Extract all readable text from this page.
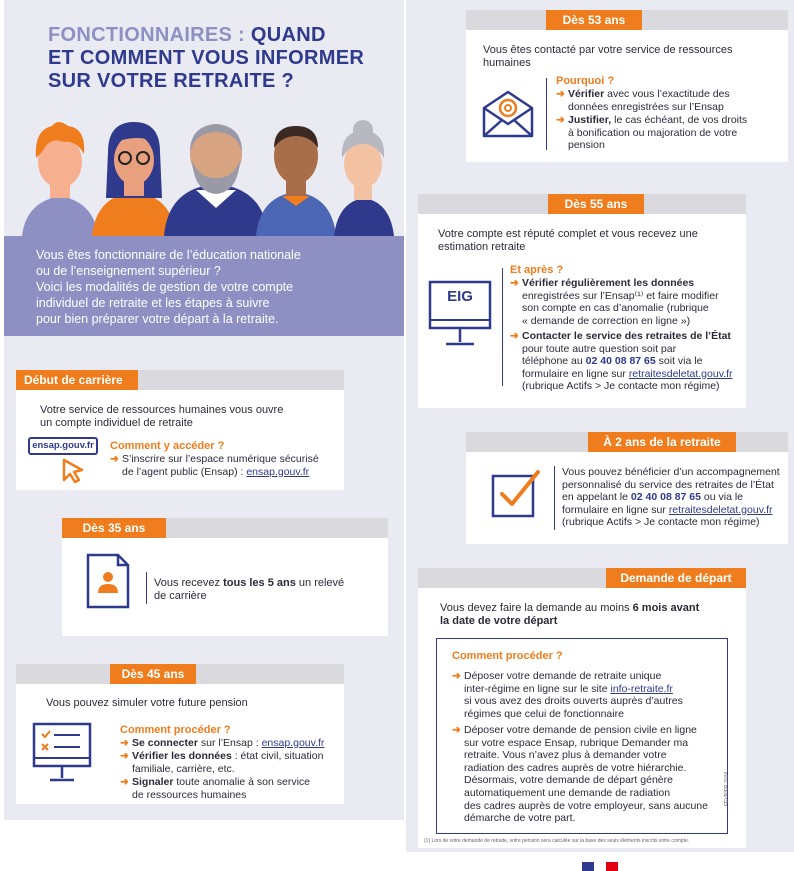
FONCTIONNAIRES : QUAND
ET COMMENT VOUS INFORMER
SUR VOTRE RETRAITE ?
Vous êtes fonctionnaire de l’éducation nationale
ou de l’enseignement supérieur ?
Voici les modalités de gestion de votre compte
individuel de retraite et les étapes à suivre
pour bien préparer votre départ à la retraite.
Début de carrière
Votre service de ressources humaines vous ouvre
un compte individuel de retraite
ensap.gouv.fr	Comment y accéder ?
➜ S’inscrire sur l’espace numérique sécurisé
de l’agent public (Ensap) : ensap.gouv.fr
Dès 35 ans
Vous recevez tous les 5 ans un relevé
de carrière
Dès 45 ans
Vous pouvez simuler votre future pension
Comment procéder ?
➜ Se connecter sur l’Ensap : ensap.gouv.fr
➜ Vérifier les données : état civil, situation
familiale, carrière, etc.
➜ Signaler toute anomalie à son service
de ressources humaines
Dès 53 ans
Vous êtes contacté par votre service de ressources
humaines
Pourquoi ?
➜ Vérifier avec vous l’exactitude des
données enregistrées sur l’Ensap
➜ Justifier, le cas échéant, de vos droits
à bonification ou majoration de votre
pension
Dès 55 ans
Votre compte est réputé complet et vous recevez une
estimation retraite
EIG
Et après ?
➜ Vérifier régulièrement les données
enregistrées sur l’Ensap⁽¹⁾ et faire modifier
son compte en cas d’anomalie (rubrique
« demande de correction en ligne »)
➜ Contacter le service des retraites de l’État
pour toute autre question soit par
téléphone au 02 40 08 87 65 soit via le
formulaire en ligne sur retraitesdeletat.gouv.fr
(rubrique Actifs > Je contacte mon régime)
À 2 ans de la retraite
Vous pouvez bénéficier d’un accompagnement
personnalisé du service des retraites de l’État
en appelant le 02 40 08 87 65 ou via le
formulaire en ligne sur retraitesdeletat.gouv.fr
(rubrique Actifs > Je contacte mon régime)
Demande de départ
Vous devez faire la demande au moins 6 mois avant
la date de votre départ
Comment procéder ?
➜ Déposer votre demande de retraite unique
inter-régime en ligne sur le site info-retraite.fr
si vous avez des droits ouverts auprès d’autres
régimes que celui de fonctionnaire
➜ Déposer votre demande de pension civile en ligne
sur votre espace Ensap, rubrique Demander ma
retraite. Vous n’avez plus à demander votre
radiation des cadres auprès de votre hiérarchie.
Désormais, votre demande de départ génère
automatiquement une demande de radiation
des cadres auprès de votre employeur, sans aucune
démarche de votre part.
(1) Lors de votre demande de retraite, votre pension sera calculée sur la base des seuls éléments inscrits votre compte.
FÉVRIER 2024
